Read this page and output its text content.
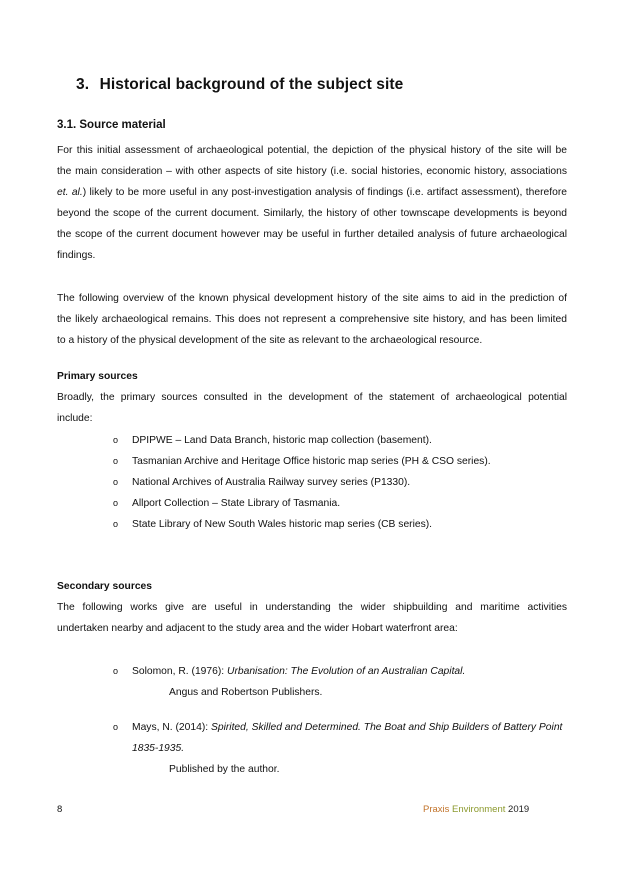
3. Historical background of the subject site
3.1. Source material
For this initial assessment of archaeological potential, the depiction of the physical history of the site will be
the main consideration – with other aspects of site history (i.e. social histories, economic history, associations
et. al.) likely to be more useful in any post-investigation analysis of findings (i.e. artifact assessment), therefore
beyond the scope of the current document. Similarly, the history of other townscape developments is beyond
the scope of the current document however may be useful in further detailed analysis of future archaeological
findings.
The following overview of the known physical development history of the site aims to aid in the prediction of
the likely archaeological remains. This does not represent a comprehensive site history, and has been limited
to a history of the physical development of the site as relevant to the archaeological resource.
Primary sources
Broadly, the primary sources consulted in the development of the statement of archaeological potential
include:
o DPIPWE – Land Data Branch, historic map collection (basement).
o Tasmanian Archive and Heritage Office historic map series (PH & CSO series).
o National Archives of Australia Railway survey series (P1330).
o Allport Collection – State Library of Tasmania.
o State Library of New South Wales historic map series (CB series).
Secondary sources
The following works give are useful in understanding the wider shipbuilding and maritime activities
undertaken nearby and adjacent to the study area and the wider Hobart waterfront area:
o Solomon, R. (1976): Urbanisation: The Evolution of an Australian Capital.
Angus and Robertson Publishers.
o Mays, N. (2014): Spirited, Skilled and Determined. The Boat and Ship Builders of Battery Point
1835-1935.
Published by the author.
8	Praxis Environment 2019
